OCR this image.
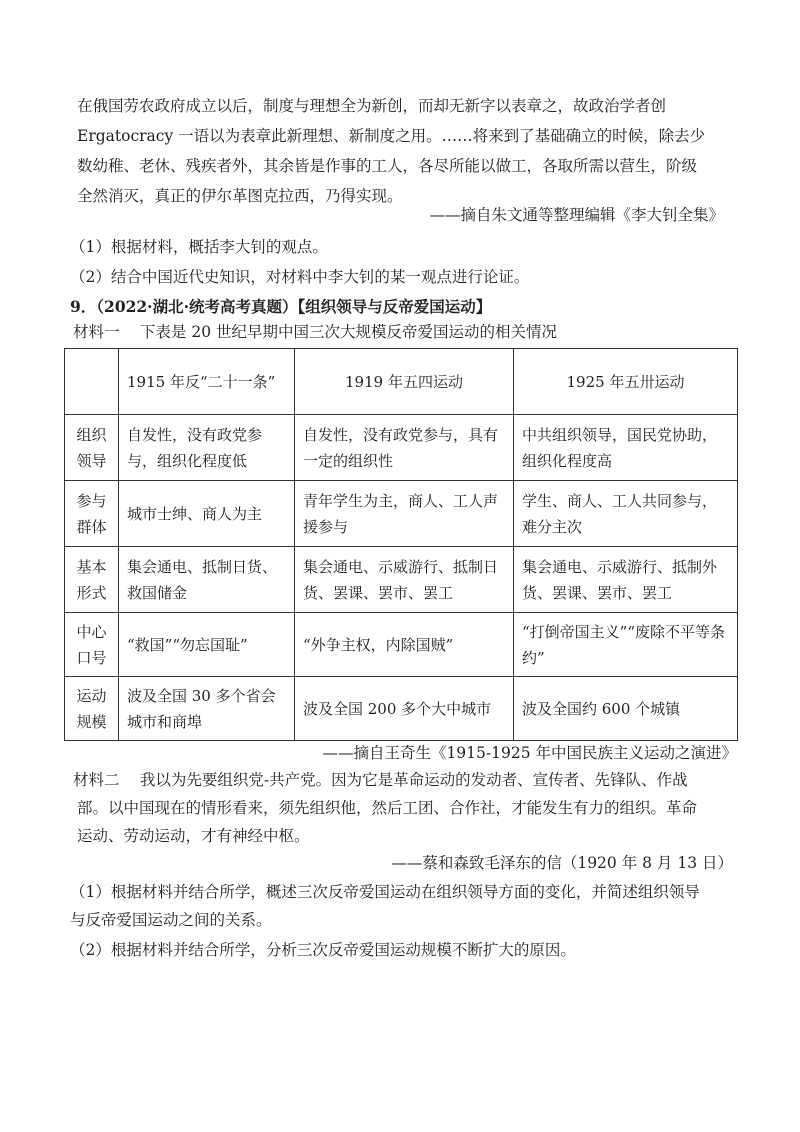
在俄国劳农政府成立以后，制度与理想全为新创，而却无新字以表章之，故政治学者创
Ergatocracy 一语以为表章此新理想、新制度之用。……将来到了基础确立的时候，除去少
数幼稚、老休、残疾者外，其余皆是作事的工人，各尽所能以做工，各取所需以营生，阶级
全然消灭，真正的伊尔革图克拉西，乃得实现。
——摘自朱文通等整理编辑《李大钊全集》
（1）根据材料，概括李大钊的观点。
（2）结合中国近代史知识，对材料中李大钊的某一观点进行论证。
9．（2022·湖北·统考高考真题）【组织领导与反帝爱国运动】
材料一　 下表是 20 世纪早期中国三次大规模反帝爱国运动的相关情况
	1915 年反“二十一条”	1919 年五四运动	1925 年五卅运动
组织领导	自发性，没有政党参与，组织化程度低	自发性，没有政党参与，具有一定的组织性	中共组织领导，国民党协助，组织化程度高
参与群体	城市士绅、商人为主	青年学生为主，商人、工人声援参与	学生、商人、工人共同参与，难分主次
基本形式	集会通电、抵制日货、救国储金	集会通电、示威游行、抵制日货、罢课、罢市、罢工	集会通电、示威游行、抵制外货、罢课、罢市、罢工
中心口号	“救国”“勿忘国耻”	“外争主权，内除国贼”	“打倒帝国主义”“废除不平等条约”
运动规模	波及全国 30 多个省会城市和商埠	波及全国 200 多个大中城市	波及全国约 600 个城镇
——摘自王奇生《1915-1925 年中国民族主义运动之演进》
材料二　 我以为先要组织党-共产党。因为它是革命运动的发动者、宣传者、先锋队、作战
部。以中国现在的情形看来，须先组织他，然后工团、合作社，才能发生有力的组织。革命
运动、劳动运动，才有神经中枢。
——蔡和森致毛泽东的信（1920 年 8 月 13 日）
（1）根据材料并结合所学，概述三次反帝爱国运动在组织领导方面的变化，并简述组织领导
与反帝爱国运动之间的关系。
（2）根据材料并结合所学，分析三次反帝爱国运动规模不断扩大的原因。
